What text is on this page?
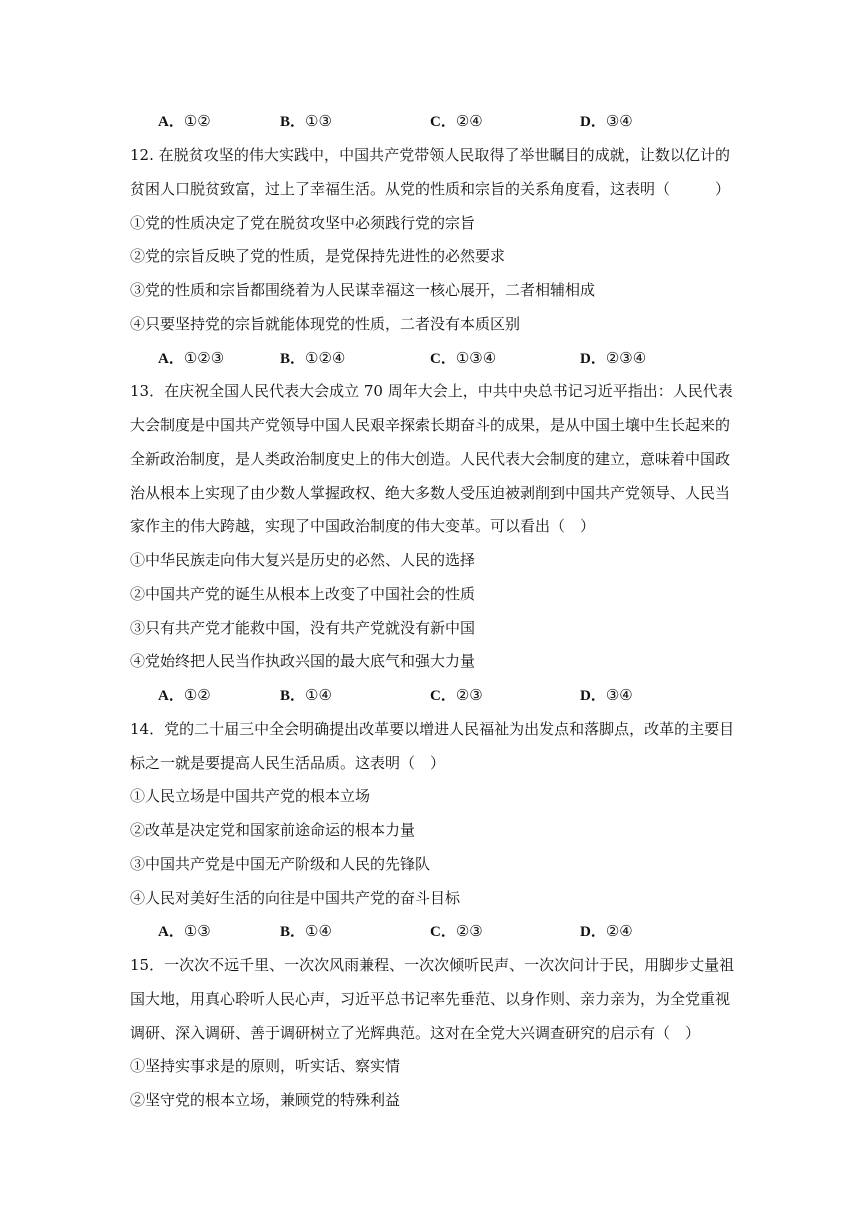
A．①②	B．①③	C．②④	D．③④
12. 在脱贫攻坚的伟大实践中，中国共产党带领人民取得了举世瞩目的成就，让数以亿计的
贫困人口脱贫致富，过上了幸福生活。从党的性质和宗旨的关系角度看，这表明（　　　）
①党的性质决定了党在脱贫攻坚中必须践行党的宗旨
②党的宗旨反映了党的性质，是党保持先进性的必然要求
③党的性质和宗旨都围绕着为人民谋幸福这一核心展开，二者相辅相成
④只要坚持党的宗旨就能体现党的性质，二者没有本质区别
A．①②③	B．①②④	C．①③④	D．②③④
13．在庆祝全国人民代表大会成立 70 周年大会上，中共中央总书记习近平指出：人民代表
大会制度是中国共产党领导中国人民艰辛探索长期奋斗的成果，是从中国土壤中生长起来的
全新政治制度，是人类政治制度史上的伟大创造。人民代表大会制度的建立，意味着中国政
治从根本上实现了由少数人掌握政权、绝大多数人受压迫被剥削到中国共产党领导、人民当
家作主的伟大跨越，实现了中国政治制度的伟大变革。可以看出（　）
①中华民族走向伟大复兴是历史的必然、人民的选择
②中国共产党的诞生从根本上改变了中国社会的性质
③只有共产党才能救中国，没有共产党就没有新中国
④党始终把人民当作执政兴国的最大底气和强大力量
A．①②	B．①④	C．②③	D．③④
14．党的二十届三中全会明确提出改革要以增进人民福祉为出发点和落脚点，改革的主要目
标之一就是要提高人民生活品质。这表明（　）
①人民立场是中国共产党的根本立场
②改革是决定党和国家前途命运的根本力量
③中国共产党是中国无产阶级和人民的先锋队
④人民对美好生活的向往是中国共产党的奋斗目标
A．①③	B．①④	C．②③	D．②④
15．一次次不远千里、一次次风雨兼程、一次次倾听民声、一次次问计于民，用脚步丈量祖
国大地，用真心聆听人民心声，习近平总书记率先垂范、以身作则、亲力亲为，为全党重视
调研、深入调研、善于调研树立了光辉典范。这对在全党大兴调查研究的启示有（　）
①坚持实事求是的原则，听实话、察实情
②坚守党的根本立场，兼顾党的特殊利益
